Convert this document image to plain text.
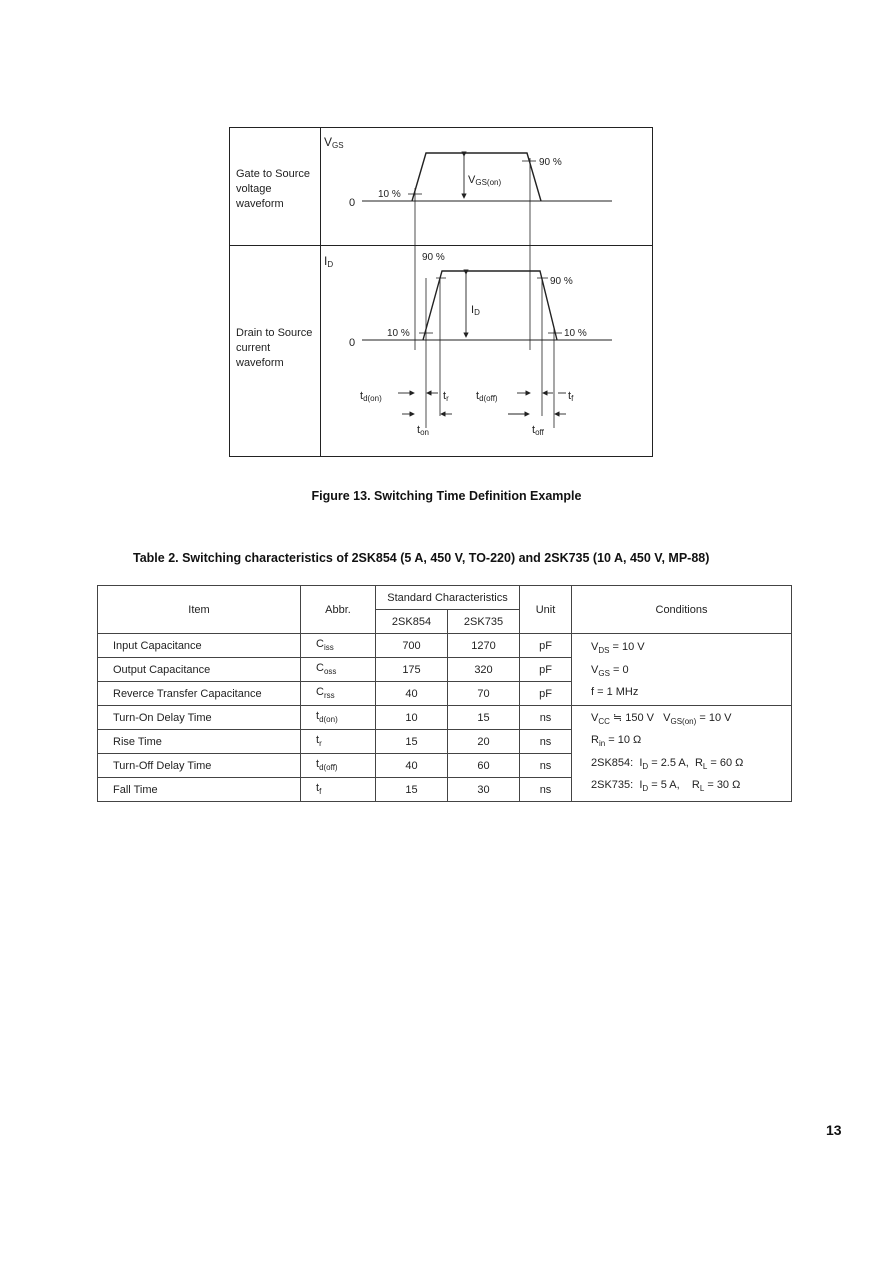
Gate to Source voltage waveform
Drain to Source current waveform
VGS
ID
0
10 %
90 %
VGS(on)
90 %
0
10 %
90 %
10 %
ID
td(on)	tr td(off)	tf
ton	toff
Figure 13. Switching Time Definition Example
Table 2. Switching characteristics of 2SK854 (5 A, 450 V, TO-220) and 2SK735 (10 A, 450 V, MP-88)
Item	Abbr.	Standard Characteristics		Unit	Conditions
		2SK854	2SK735		
Input Capacitance	$C_{iss}$	700	1270	pF	$V_{DS} = 10$ V
$V_{GS} = 0$
f = 1 MHz

Output Capacitance	$C_{oss}$	175	320	pF	
Reverce Transfer Capacitance	$C_{rss}$	40	70	pF	
Turn-On Delay Time	$t_{d(on)}$	10	15	ns	$V_{CC}$ ≒ 150 V   $V_{GS(on)} = 10$ V
$R_{in} = 10$ Ω
2SK854:  $I_D = 2.5$ A,  $R_L = 60$ Ω
2SK735:  $I_D = 5$ A,    $R_L = 30$ Ω

Rise Time	$t_r$	15	20	ns	
Turn-Off Delay Time	$t_{d(off)}$	40	60	ns	
Fall Time	$t_f$	15	30	ns	
13
